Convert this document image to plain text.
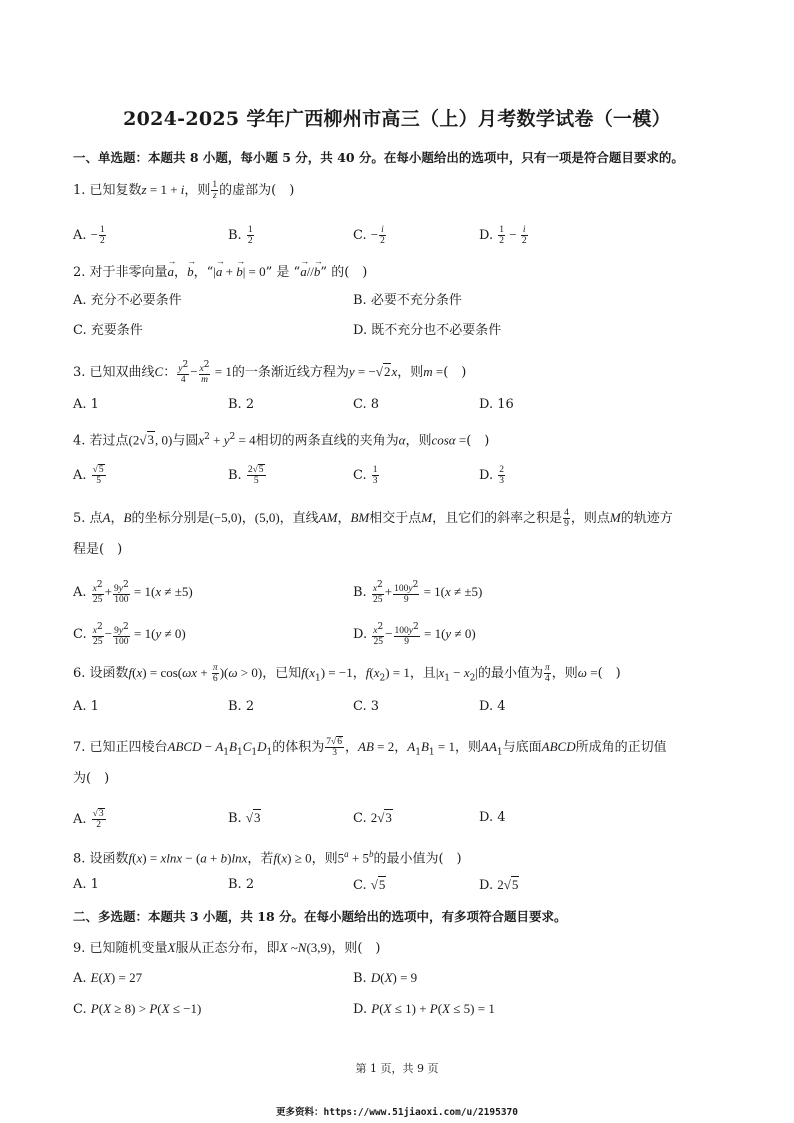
2024-2025 学年广西柳州市高三（上）月考数学试卷（一模）
一、单选题：本题共 8 小题，每小题 5 分，共 40 分。在每小题给出的选项中，只有一项是符合题目要求的。
1. 已知复数z = 1 + i，则 $\frac{1}{z}$ 的虚部为(　)
A. − $\frac{1}{2}$	B. $\frac{1}{2}$	C. − $\frac{i}{2}$	D. $\frac{1}{2} - \frac{i}{2}$
2. 对于非零向量→ a，→ b，“|→ a + → b| = 0” 是 “→ a//→ b” 的(　)
A. 充分不必要条件	B. 必要不充分条件
C. 充要条件	D. 既不充分也不必要条件
3. 已知双曲线C： $\frac{y^2}{4} - \frac{x^2}{m} = 1$的一条渐近线方程为y = −√2x，则m =(　)
A. 1	B. 2	C. 8	D. 16
4. 若过点(2√3, 0)与圆$x^2 + y^2 = 4$相切的两条直线的夹角为α，则cosα =(　)
A. $\frac{√5}{5}$	B. $\frac{2√5}{5}$	C. $\frac{1}{3}$	D. $\frac{2}{3}$
5. 点A，B的坐标分别是(−5,0)，(5,0)，直线AM，BM相交于点M，且它们的斜率之积是 $\frac{4}{9}$ ，则点M的轨迹方
程是(　)
A. $\frac{x^2}{25} + \frac{9y^2}{100} = 1(x \ne \pm 5)$	B. $\frac{x^2}{25} + \frac{100y^2}{9} = 1(x \ne \pm 5)$
C. $\frac{x^2}{25} - \frac{9y^2}{100} = 1(y \ne 0)$	D. $\frac{x^2}{25} - \frac{100y^2}{9} = 1(y \ne 0)$
6. 设函数$f(x) = \cos(\omega x + \frac{\pi}{6} )(\omega > 0)$，已知$f(x_1) = -1$，$f(x_2) = 1$，且$|x_1 - x_2|$的最小值为 $\frac{\pi}{4}$ ，则ω =(　)
A. 1	B. 2	C. 3	D. 4
7. 已知正四棱台ABCD − $A_1B_1C_1D_1$的体积为 $\frac{7√6}{3}$ ，AB = 2，$A_1B_1 = 1$，则$AA_1$与底面ABCD所成角的正切值
为(　)
A. $\frac{√3}{2}$	B. √3	C. 2√3	D. 4
8. 设函数f(x) = xlnx − (a + b)lnx，若f(x) ≥ 0，则$5^a + 5^b$的最小值为(　)
A. 1	B. 2	C. √5	D. 2√5
二、多选题：本题共 3 小题，共 18 分。在每小题给出的选项中，有多项符合题目要求。
9. 已知随机变量X服从正态分布，即X ~N(3,9)，则(　)
A. E(X) = 27	B. D(X) = 9
C. P(X ≥ 8) > P(X ≤ −1)	D. P(X ≤ 1) + P(X ≤ 5) = 1
第 1 页，共 9 页
更多资料：https://www.51jiaoxi.com/u/2195370
